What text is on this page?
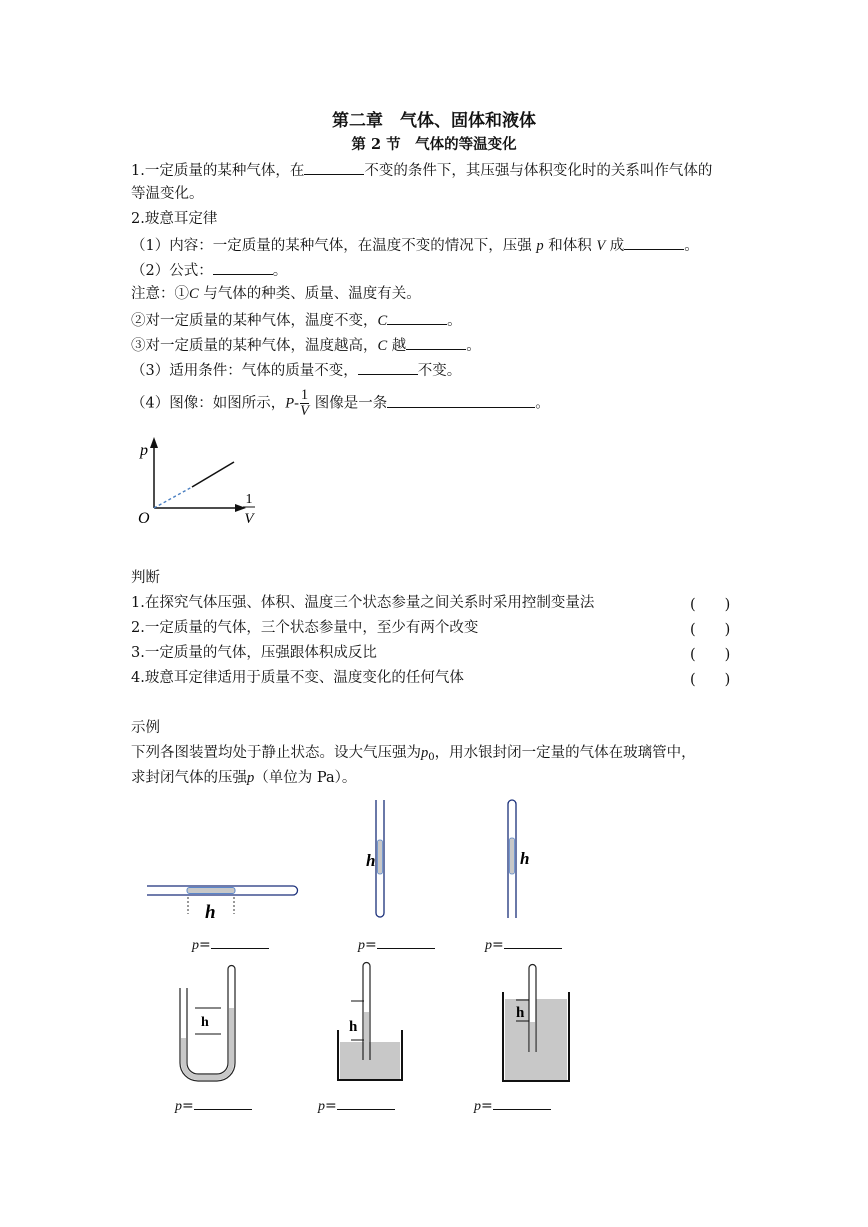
第二章　气体、固体和液体
第 2 节　气体的等温变化
1.一定质量的某种气体，在	不变的条件下，其压强与体积变化时的关系叫作气体的
等温变化。
2.玻意耳定律
（1）内容：一定质量的某种气体，在温度不变的情况下，压强 p 和体积 V 成	。
（2）公式：	。
注意：①C 与气体的种类、质量、温度有关。
②对一定质量的某种气体，温度不变，C	。
③对一定质量的某种气体，温度越高，C 越	。
（3）适用条件：气体的质量不变，	不变。
（4）图像：如图所示，$P- \frac{1}{V}$ 图像是一条	。
p
O
1
V
判断
1.在探究气体压强、体积、温度三个状态参量之间关系时采用控制变量法	(　　)
2.一定质量的气体，三个状态参量中，至少有两个改变	(　　)
3.一定质量的气体，压强跟体积成反比	(　　)
4.玻意耳定律适用于质量不变、温度变化的任何气体	(　　)
示例
下列各图装置均处于静止状态。设大气压强为$p_0$，用水银封闭一定量的气体在玻璃管中，
求封闭气体的压强p（单位为 Pa）。
h
p=
h
p=
h
p=
h
p=
h
p=
h
p=
